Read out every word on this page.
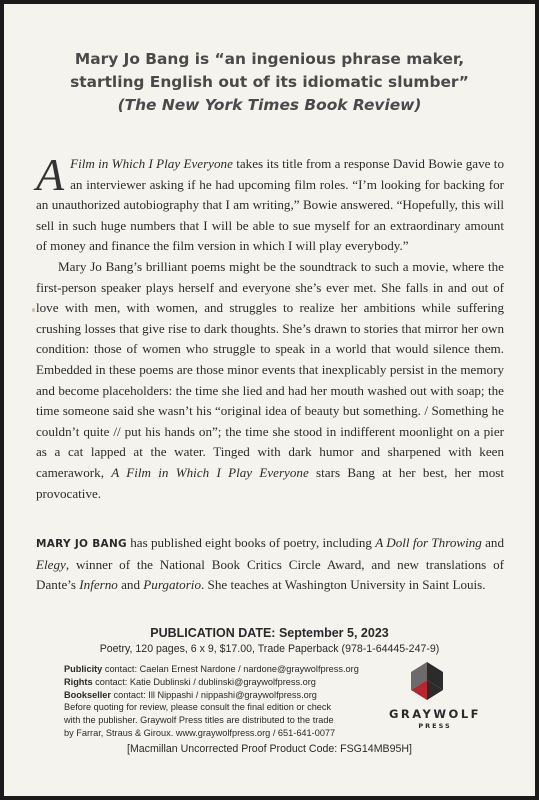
Mary Jo Bang is “an ingenious phrase maker,
startling English out of its idiomatic slumber”
(The New York Times Book Review)

A Film in Which I Play Everyone takes its title from a response David Bowie gave to an interviewer asking if he had upcoming film roles. “I’m looking for backing for an unauthorized autobiography that I am writing,” Bowie answered. “Hopefully, this will sell in such huge numbers that I will be able to sue myself for an extraordinary amount of money and finance the film version in which I will play everybody.”

Mary Jo Bang’s brilliant poems might be the soundtrack to such a movie, where the first-person speaker plays herself and everyone she’s ever met. She falls in and out of love with men, with women, and struggles to realize her ambitions while suffering crushing losses that give rise to dark thoughts. She’s drawn to stories that mirror her own condition: those of women who struggle to speak in a world that would silence them. Embedded in these poems are those minor events that inexplicably persist in the memory and become placeholders: the time she lied and had her mouth washed out with soap; the time someone said she wasn’t his “original idea of beauty but something. / Something he couldn’t quite // put his hands on”; the time she stood in indifferent moonlight on a pier as a cat lapped at the water. Tinged with dark humor and sharpened with keen camerawork, A Film in Which I Play Everyone stars Bang at her best, her most provocative.

MARY JO BANG has published eight books of poetry, including A Doll for Throwing and Elegy, winner of the National Book Critics Circle Award, and new translations of Dante’s Inferno and Purgatorio. She teaches at Washington University in Saint Louis.

PUBLICATION DATE: September 5, 2023
Poetry, 120 pages, 6 x 9, $17.00, Trade Paperback (978-1-64445-247-9)
Publicity contact: Caelan Ernest Nardone / nardone@graywolfpress.org
Rights contact: Katie Dublinski / dublinski@graywolfpress.org
Bookseller contact: Ill Nippashi / nippashi@graywolfpress.org
Before quoting for review, please consult the final edition or check
with the publisher. Graywolf Press titles are distributed to the trade
by Farrar, Straus & Giroux. www.graywolfpress.org / 651-641-0077
GRAYWOLF
PRESS
[Macmillan Uncorrected Proof Product Code: FSG14MB95H]
